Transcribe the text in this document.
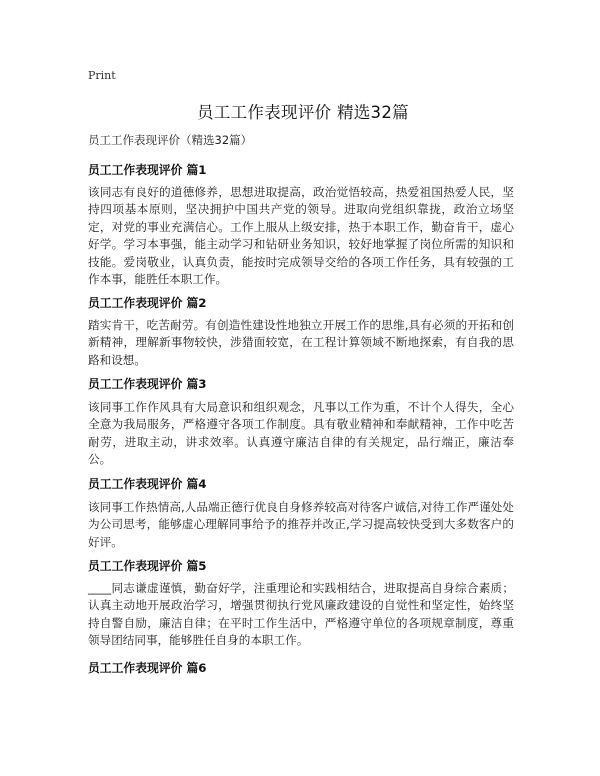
Print
员工工作表现评价 精选32篇
员工工作表现评价（精选32篇）
员工工作表现评价 篇1
该同志有良好的道德修养，思想进取提高，政治觉悟较高，热爱祖国热爱人民，坚持四项基本原则，坚决拥护中国共产党的领导。进取向党组织靠拢，政治立场坚定，对党的事业充满信心。工作上服从上级安排，热于本职工作，勤奋肯干，虚心好学。学习本事强，能主动学习和钻研业务知识，较好地掌握了岗位所需的知识和技能。爱岗敬业，认真负责，能按时完成领导交给的各项工作任务，具有较强的工作本事，能胜任本职工作。
员工工作表现评价 篇2
踏实肯干，吃苦耐劳。有创造性建设性地独立开展工作的思维,具有必须的开拓和创新精神，理解新事物较快，涉猎面较宽，在工程计算领域不断地探索，有自我的思路和设想。
员工工作表现评价 篇3
该同事工作作风具有大局意识和组织观念，凡事以工作为重，不计个人得失，全心全意为我局服务，严格遵守各项工作制度。具有敬业精神和奉献精神，工作中吃苦耐劳，进取主动，讲求效率。认真遵守廉洁自律的有关规定，品行端正，廉洁奉公。
员工工作表现评价 篇4
该同事工作热情高,人品端正德行优良自身修养较高对待客户诚信,对待工作严谨处处为公司思考，能够虚心理解同事给予的推荐并改正,学习提高较快受到大多数客户的好评。
员工工作表现评价 篇5
____同志谦虚谨慎，勤奋好学，注重理论和实践相结合，进取提高自身综合素质；认真主动地开展政治学习，增强贯彻执行党风廉政建设的自觉性和坚定性，始终坚持自警自励，廉洁自律；在平时工作生活中，严格遵守单位的各项规章制度，尊重领导团结同事，能够胜任自身的本职工作。
员工工作表现评价 篇6
